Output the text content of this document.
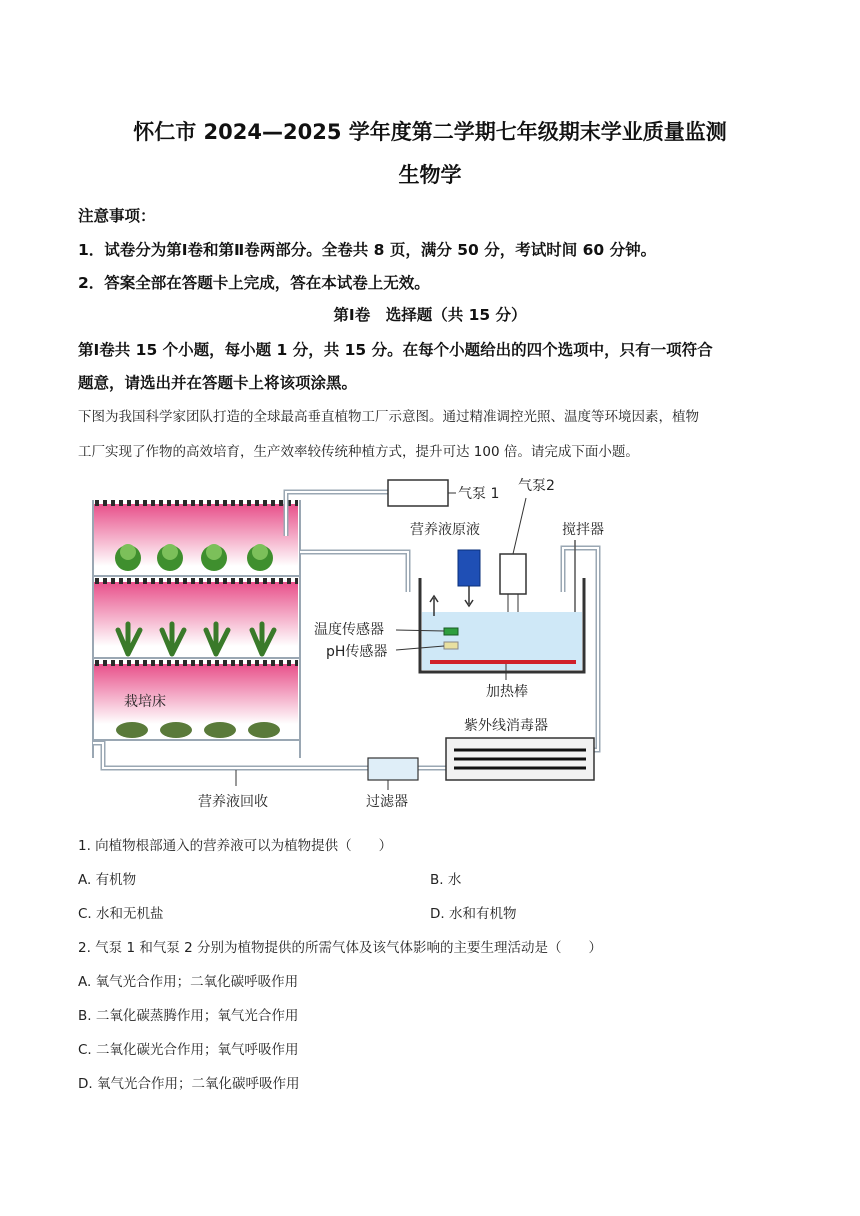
怀仁市 2024—2025 学年度第二学期七年级期末学业质量监测
生物学
注意事项：
1．试卷分为第Ⅰ卷和第Ⅱ卷两部分。全卷共 8 页，满分 50 分，考试时间 60 分钟。
2．答案全部在答题卡上完成，答在本试卷上无效。
第Ⅰ卷　选择题（共 15 分）
第Ⅰ卷共 15 个小题，每小题 1 分，共 15 分。在每个小题给出的四个选项中，只有一项符合
题意，请选出并在答题卡上将该项涂黑。
下图为我国科学家团队打造的全球最高垂直植物工厂示意图。通过精准调控光照、温度等环境因素，植物
工厂实现了作物的高效培育，生产效率较传统种植方式，提升可达 100 倍。请完成下面小题。
气泵 1 气泵2
营养液原液	搅拌器
温度传感器
pH传感器
加热棒
栽培床
紫外线消毒器
过滤器
营养液回收
1. 向植物根部通入的营养液可以为植物提供（　　）
A. 有机物	B. 水
C. 水和无机盐	D. 水和有机物
2. 气泵 1 和气泵 2 分别为植物提供的所需气体及该气体影响的主要生理活动是（　　）
A. 氧气光合作用；二氧化碳呼吸作用
B. 二氧化碳蒸腾作用；氧气光合作用
C. 二氧化碳光合作用；氧气呼吸作用
D. 氧气光合作用；二氧化碳呼吸作用
